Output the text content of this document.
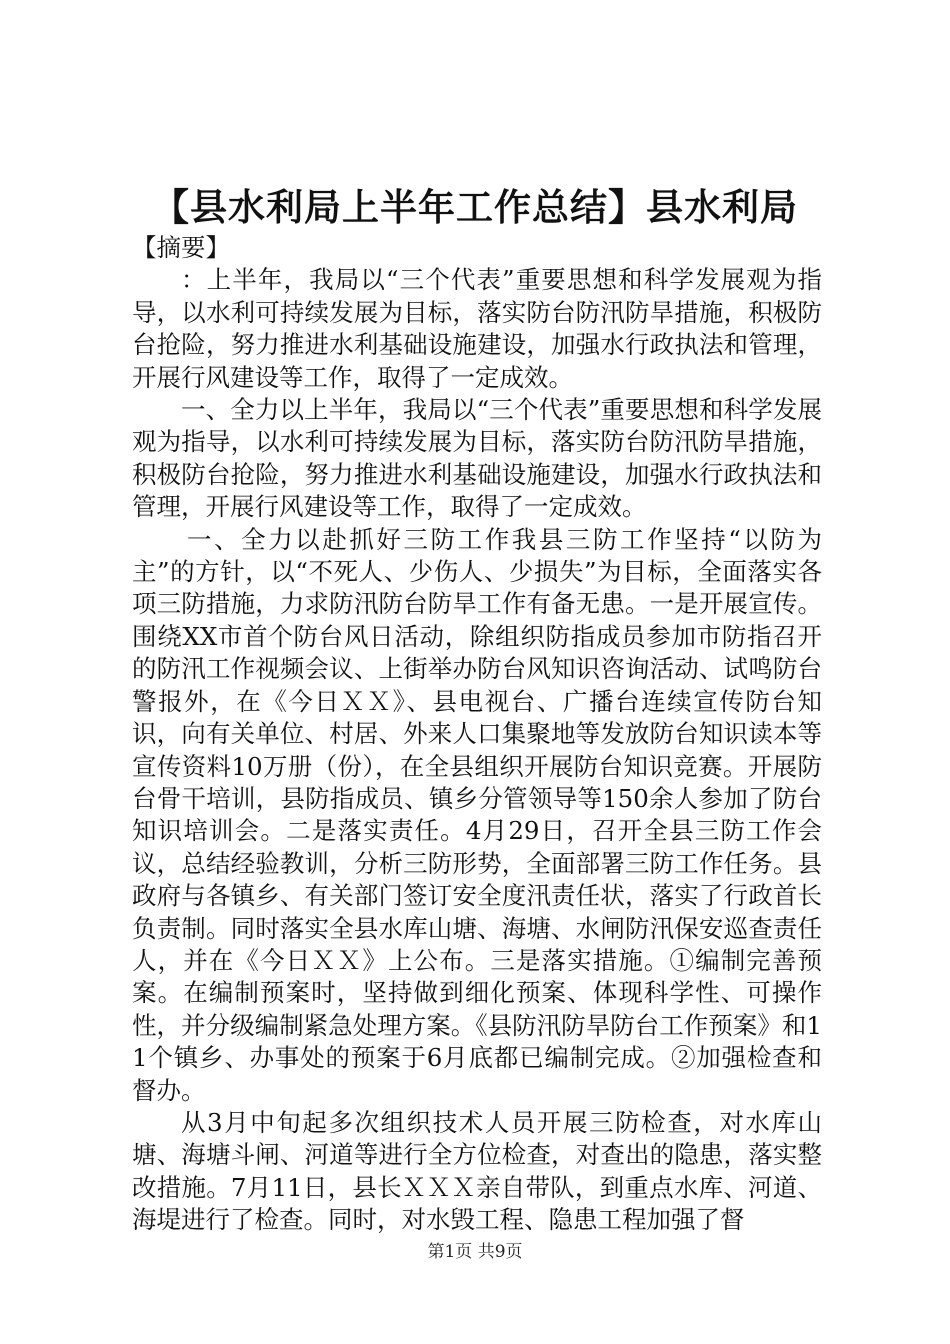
【县水利局上半年工作总结】县水利局

【摘要】

：上半年，我局以“三个代表”重要思想和科学发展观为指导，以水利可持续发展为目标，落实防台防汛防旱措施，积极防台抢险，努力推进水利基础设施建设，加强水行政执法和管理，开展行风建设等工作，取得了一定成效。

一、全力以上半年，我局以“三个代表”重要思想和科学发展观为指导，以水利可持续发展为目标，落实防台防汛防旱措施，积极防台抢险，努力推进水利基础设施建设，加强水行政执法和管理，开展行风建设等工作，取得了一定成效。

一、全力以赴抓好三防工作我县三防工作坚持“以防为主”的方针，以“不死人、少伤人、少损失”为目标，全面落实各项三防措施，力求防汛防台防旱工作有备无患。一是开展宣传。围绕XX市首个防台风日活动，除组织防指成员参加市防指召开的防汛工作视频会议、上街举办防台风知识咨询活动、试鸣防台警报外，在《今日ＸＸ》、县电视台、广播台连续宣传防台知识，向有关单位、村居、外来人口集聚地等发放防台知识读本等宣传资料10万册（份），在全县组织开展防台知识竞赛。开展防台骨干培训，县防指成员、镇乡分管领导等150余人参加了防台知识培训会。二是落实责任。4月29日，召开全县三防工作会议，总结经验教训，分析三防形势，全面部署三防工作任务。县政府与各镇乡、有关部门签订安全度汛责任状，落实了行政首长负责制。同时落实全县水库山塘、海塘、水闸防汛保安巡查责任人，并在《今日ＸＸ》上公布。三是落实措施。①编制完善预案。在编制预案时，坚持做到细化预案、体现科学性、可操作性，并分级编制紧急处理方案。《县防汛防旱防台工作预案》和11个镇乡、办事处的预案于6月底都已编制完成。②加强检查和督办。

从3月中旬起多次组织技术人员开展三防检查，对水库山塘、海塘斗闸、河道等进行全方位检查，对查出的隐患，落实整改措施。7月11日，县长ＸＸＸ亲自带队，到重点水库、河道、海堤进行了检查。同时，对水毁工程、隐患工程加强了督

第1页 共9页
